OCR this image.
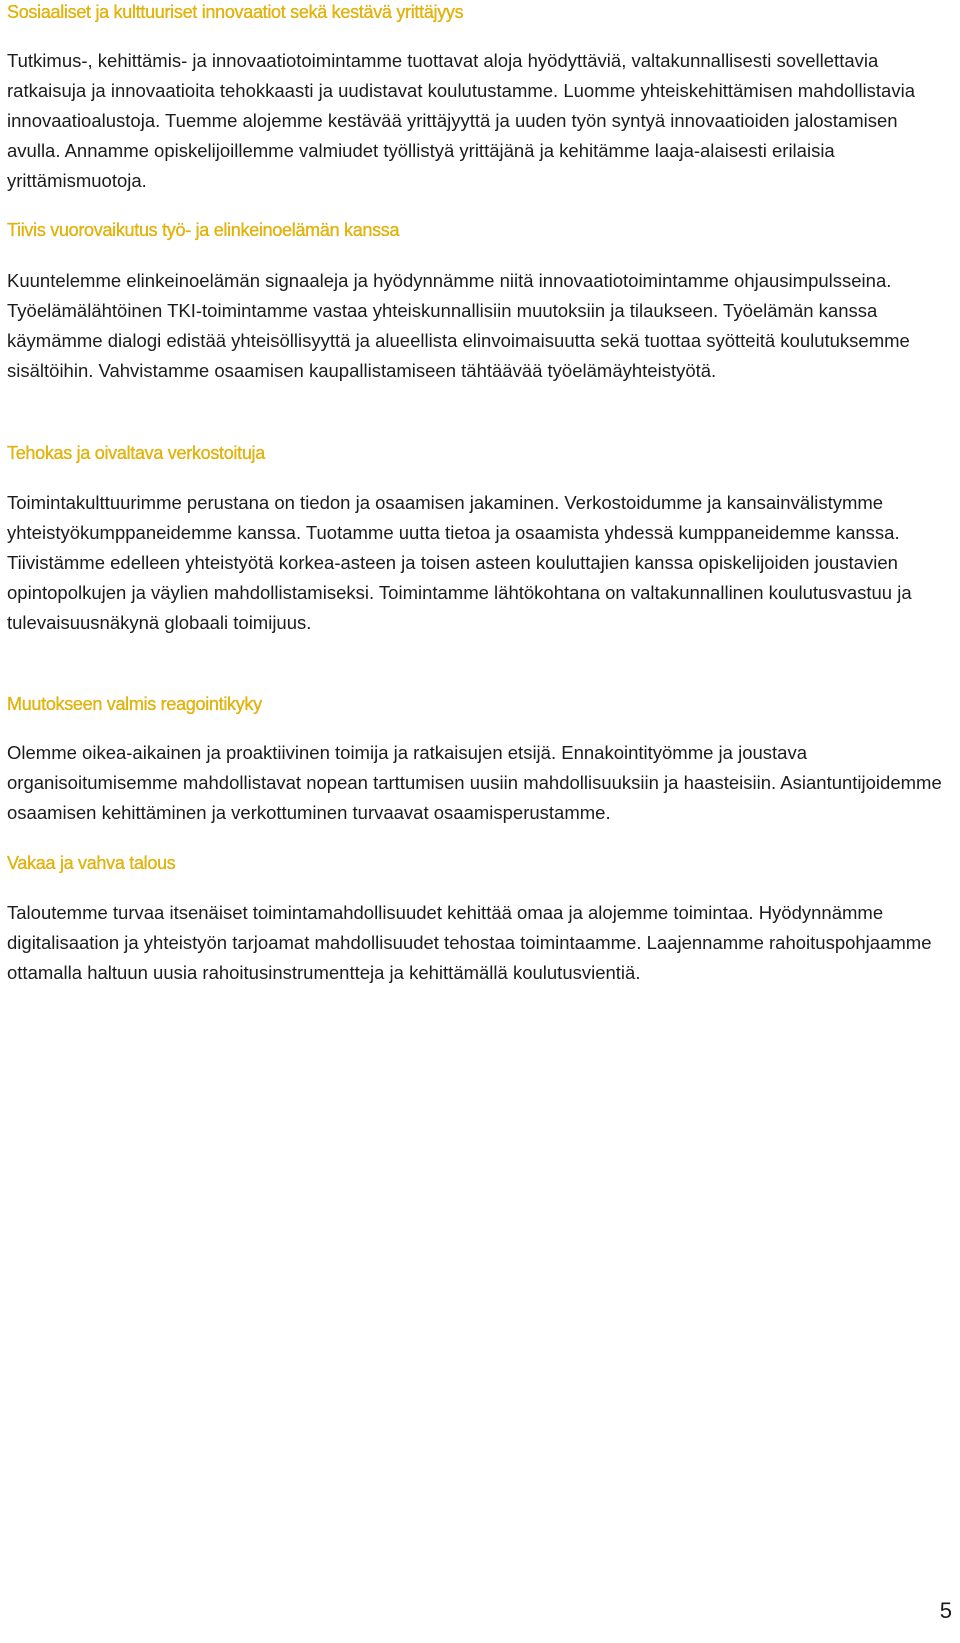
Sosiaaliset ja kulttuuriset innovaatiot sekä kestävä yrittäjyys

Tutkimus-, kehittämis- ja innovaatiotoimintamme tuottavat aloja hyödyttäviä, valtakunnallisesti sovellettavia ratkaisuja ja innovaatioita tehokkaasti ja uudistavat koulutustamme. Luomme yhteiskehittämisen mahdollistavia innovaatioalustoja. Tuemme alojemme kestävää yrittäjyyttä ja uuden työn syntyä innovaatioiden jalostamisen avulla. Annamme opiskelijoillemme valmiudet työllistyä yrittäjänä ja kehitämme laaja-alaisesti erilaisia yrittämismuotoja.

Tiivis vuorovaikutus työ- ja elinkeinoelämän kanssa

Kuuntelemme elinkeinoelämän signaaleja ja hyödynnämme niitä innovaatiotoimintamme ohjausimpulsseina. Työelämälähtöinen TKI-toimintamme vastaa yhteiskunnallisiin muutoksiin ja tilaukseen. Työelämän kanssa käymämme dialogi edistää yhteisöllisyyttä ja alueellista elinvoimaisuutta sekä tuottaa syötteitä koulutuksemme sisältöihin. Vahvistamme osaamisen kaupallistamiseen tähtäävää työelämäyhteistyötä.

Tehokas ja oivaltava verkostoituja

Toimintakulttuurimme perustana on tiedon ja osaamisen jakaminen. Verkostoidumme ja kansainvälistymme yhteistyökumppaneidemme kanssa. Tuotamme uutta tietoa ja osaamista yhdessä kumppaneidemme kanssa. Tiivistämme edelleen yhteistyötä korkea-asteen ja toisen asteen kouluttajien kanssa opiskelijoiden joustavien opintopolkujen ja väylien mahdollistamiseksi. Toimintamme lähtökohtana on valtakunnallinen koulutusvastuu ja tulevaisuusnäkynä globaali toimijuus.

Muutokseen valmis reagointikyky

Olemme oikea-aikainen ja proaktiivinen toimija ja ratkaisujen etsijä. Ennakointityömme ja joustava organisoitumisemme mahdollistavat nopean tarttumisen uusiin mahdollisuuksiin ja haasteisiin. Asiantuntijoidemme osaamisen kehittäminen ja verkottuminen turvaavat osaamisperustamme.

Vakaa ja vahva talous

Taloutemme turvaa itsenäiset toimintamahdollisuudet kehittää omaa ja alojemme toimintaa. Hyödynnämme digitalisaation ja yhteistyön tarjoamat mahdollisuudet tehostaa toimintaamme. Laajennamme rahoituspohjaamme ottamalla haltuun uusia rahoitusinstrumentteja ja kehittämällä koulutusvientiä.

5
